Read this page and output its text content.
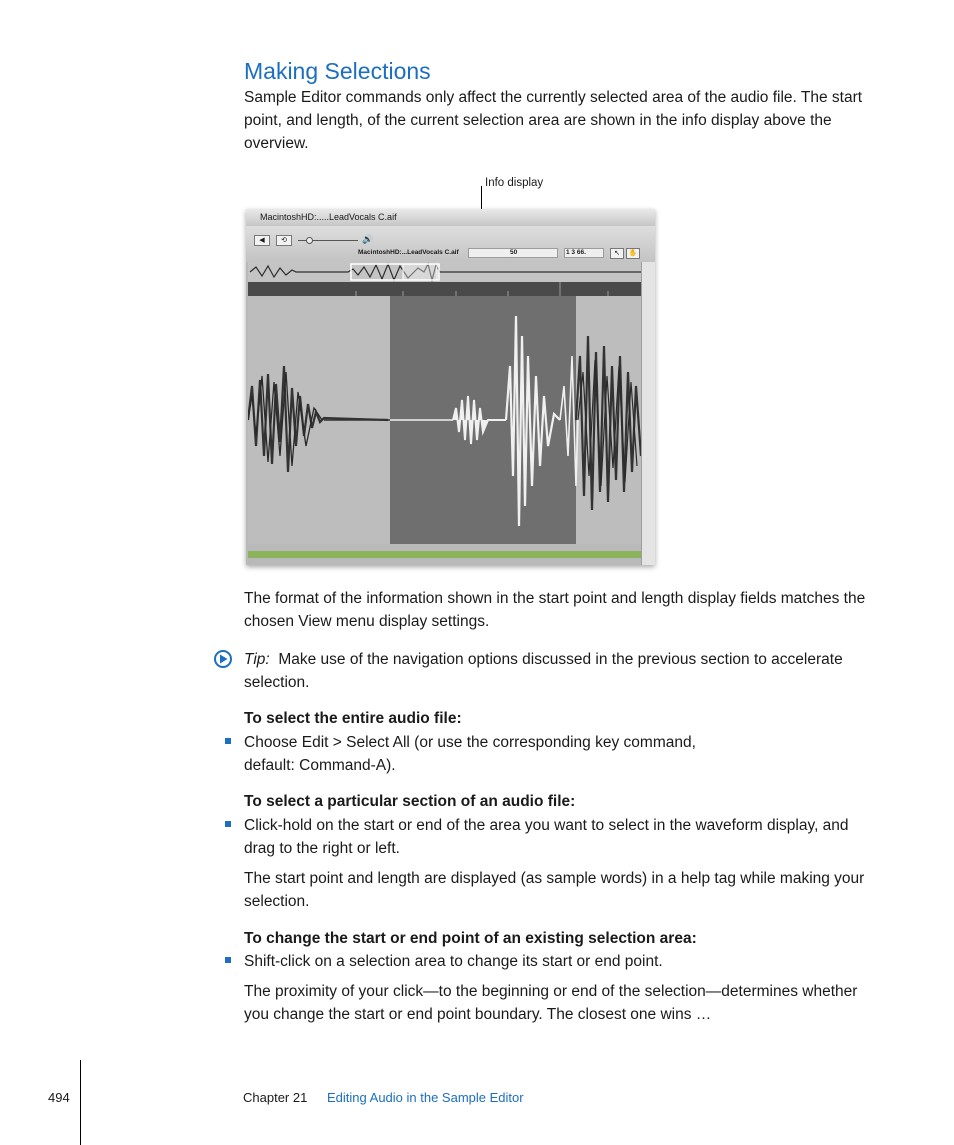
Making Selections
Sample Editor commands only affect the currently selected area of the audio file. The start point, and length, of the current selection area are shown in the info display above the overview.
Info display
MacintoshHD:.....LeadVocals C.aif
◀	⟲	🔊
MacintoshHD:...LeadVocals C.aif	50	1 3 66.	↖	✋
The format of the information shown in the start point and length display fields matches the chosen View menu display settings.
Tip: Make use of the navigation options discussed in the previous section to accelerate selection.
To select the entire audio file:
Choose Edit > Select All (or use the corresponding key command, default: Command-A).
To select a particular section of an audio file:
Click-hold on the start or end of the area you want to select in the waveform display, and drag to the right or left.
The start point and length are displayed (as sample words) in a help tag while making your selection.
To change the start or end point of an existing selection area:
Shift-click on a selection area to change its start or end point.
The proximity of your click—to the beginning or end of the selection—determines whether you change the start or end point boundary. The closest one wins …
494	Chapter 21 Editing Audio in the Sample Editor
